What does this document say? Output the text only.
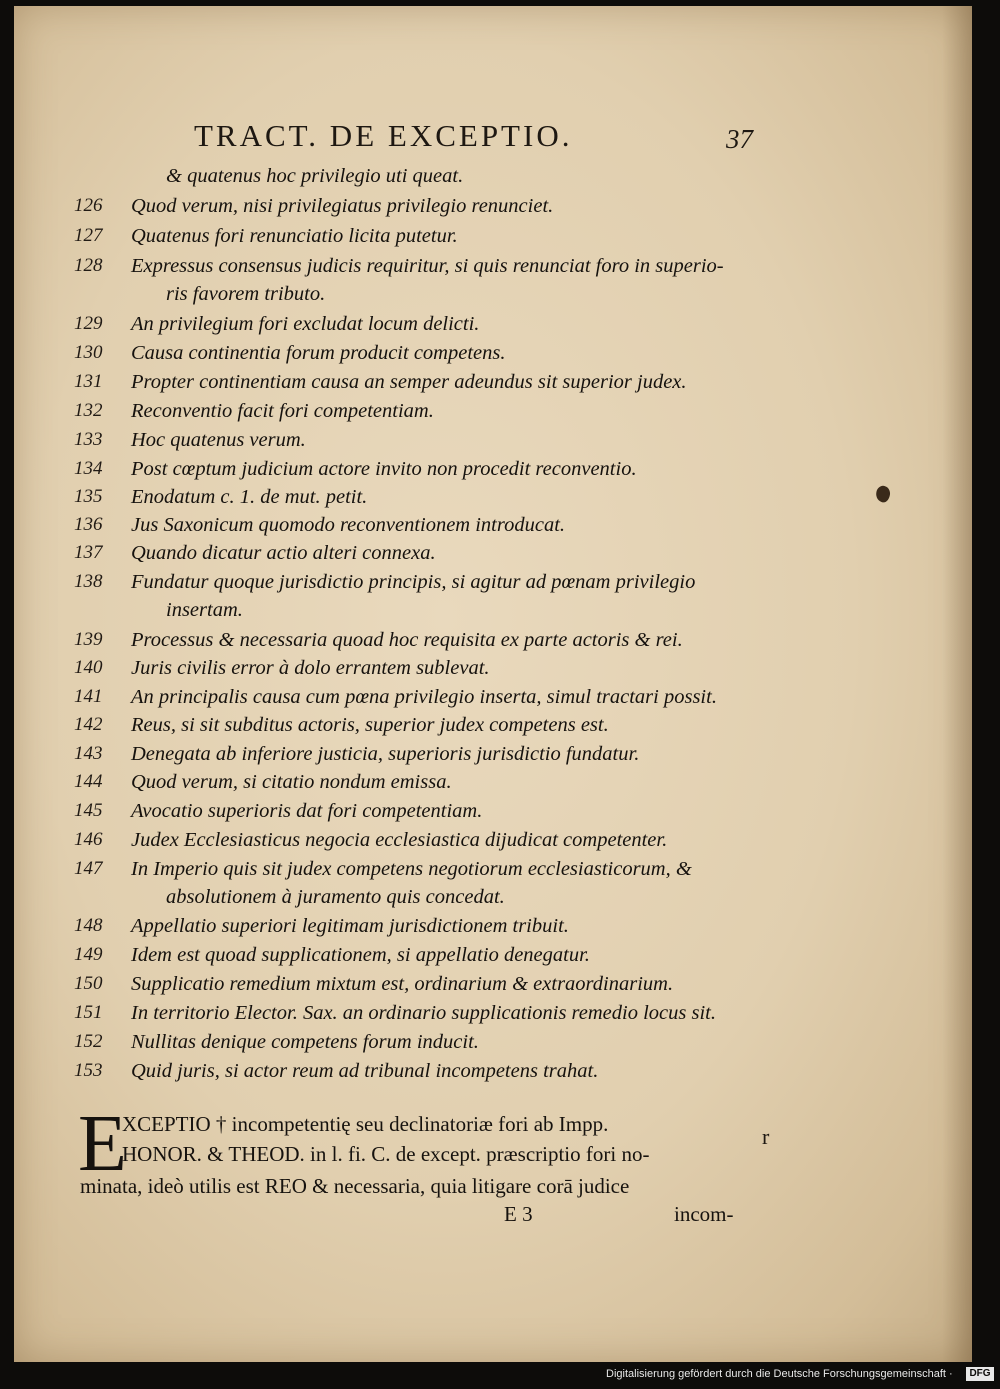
TRACT. DE EXCEPTIO.	37
& quatenus hoc privilegio uti queat.
126	Quod verum, nisi privilegiatus privilegio renunciet.
127	Quatenus fori renunciatio licita putetur.
128	Expressus consensus judicis requiritur, si quis renunciat foro in superio-
ris favorem tributo.
129	An privilegium fori excludat locum delicti.
130	Causa continentia forum producit competens.
131	Propter continentiam causa an semper adeundus sit superior judex.
132	Reconventio facit fori competentiam.
133	Hoc quatenus verum.
134	Post cœptum judicium actore invito non procedit reconventio.
135	Enodatum c. 1. de mut. petit.
136	Jus Saxonicum quomodo reconventionem introducat.
137	Quando dicatur actio alteri connexa.
138	Fundatur quoque jurisdictio principis, si agitur ad pœnam privilegio
insertam.
139	Processus & necessaria quoad hoc requisita ex parte actoris & rei.
140	Juris civilis error à dolo errantem sublevat.
141	An principalis causa cum pœna privilegio inserta, simul tractari possit.
142	Reus, si sit subditus actoris, superior judex competens est.
143	Denegata ab inferiore justicia, superioris jurisdictio fundatur.
144	Quod verum, si citatio nondum emissa.
145	Avocatio superioris dat fori competentiam.
146	Judex Ecclesiasticus negocia ecclesiastica dijudicat competenter.
147	In Imperio quis sit judex competens negotiorum ecclesiasticorum, &
absolutionem à juramento quis concedat.
148	Appellatio superiori legitimam jurisdictionem tribuit.
149	Idem est quoad supplicationem, si appellatio denegatur.
150	Supplicatio remedium mixtum est, ordinarium & extraordinarium.
151	In territorio Elector. Sax. an ordinario supplicationis remedio locus sit.
152	Nullitas denique competens forum inducit.
153	Quid juris, si actor reum ad tribunal incompetens trahat.
E
XCEPTIO † incompetentię seu declinatoriæ fori ab Impp.
HONOR. & THEOD. in l. fi. C. de except. præscriptio fori no-
minata, ideò utilis est REO & necessaria, quia litigare corā judice
r
E 3	incom-
Digitalisierung gefördert durch die Deutsche Forschungsgemeinschaft ·	DFG
